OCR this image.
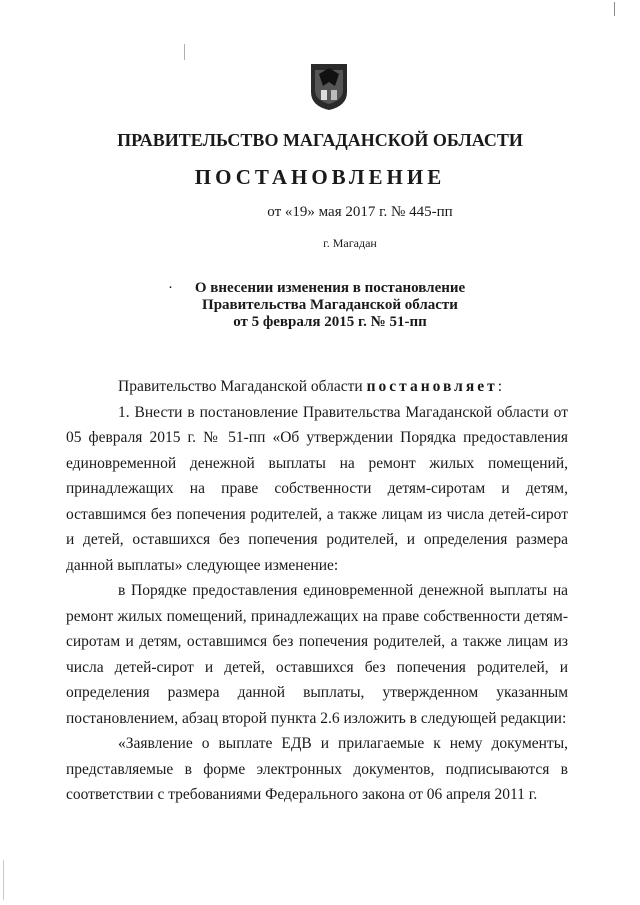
ПРАВИТЕЛЬСТВО МАГАДАНСКОЙ ОБЛАСТИ
ПОСТАНОВЛЕНИЕ
от «19» мая 2017 г. № 445-пп
г. Магадан
·	О внесении изменения в постановление
Правительства Магаданской области
от 5 февраля 2015 г. № 51-пп

Правительство Магаданской области постановляет:

1. Внести в постановление Правительства Магаданской области от 05 февраля 2015 г. № 51-пп «Об утверждении Порядка предоставления единовременной денежной выплаты на ремонт жилых помещений, принадлежащих на праве собственности детям-сиротам и детям, оставшимся без попечения родителей, а также лицам из числа детей-сирот и детей, оставшихся без попечения родителей, и определения размера данной выплаты» следующее изменение:

в Порядке предоставления единовременной денежной выплаты на ремонт жилых помещений, принадлежащих на праве собственности детям-сиротам и детям, оставшимся без попечения родителей, а также лицам из числа детей-сирот и детей, оставшихся без попечения родителей, и определения размера данной выплаты, утвержденном указанным постановлением, абзац второй пункта 2.6 изложить в следующей редакции:

«Заявление о выплате ЕДВ и прилагаемые к нему документы, представляемые в форме электронных документов, подписываются в соответствии с требованиями Федерального закона от 06 апреля 2011 г.
